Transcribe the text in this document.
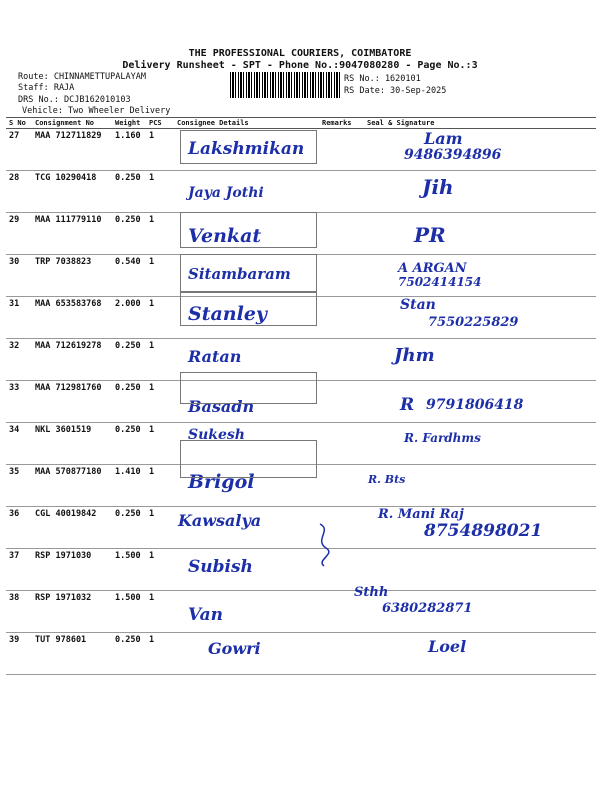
THE PROFESSIONAL COURIERS, COIMBATORE
Delivery Runsheet - SPT - Phone No.:9047080280 - Page No.:3
Route: CHINNAMETTUPALAYAM
Staff: RAJA
DRS No.: DCJB162010103
Vehicle: Two Wheeler Delivery
RS No.: 1620101
RS Date: 30-Sep-2025
S No	Consignment No	Weight	PCS	Consignee Details	Remarks	Seal & Signature
27	MAA 712711829	1.160	1	Lakshmikan		Lam
9486394896

28	TCG 10290418	0.250	1	Jaya Jothi		Jih

29	MAA 111779110	0.250	1	Venkat		PR

30	TRP 7038823	0.540	1	Sitambaram		A ARGAN
7502414154

31	MAA 653583768	2.000	1	Stanley		Stan
7550225829

32	MAA 712619278	0.250	1	Ratan		Jhm

33	MAA 712981760	0.250	1	Basadn		R 9791806418

34	NKL 3601519	0.250	1	Sukesh		R. Fardhms

35	MAA 570877180	1.410	1	Brigol		R. Bts

36	CGL 40019842	0.250	1	Kawsalya		R. Mani Raj
8754898021

37	RSP 1971030	1.500	1	Subish		

38	RSP 1971032	1.500	1	Van		Sthh
6380282871

39	TUT 978601	0.250	1	Gowri		Loel
